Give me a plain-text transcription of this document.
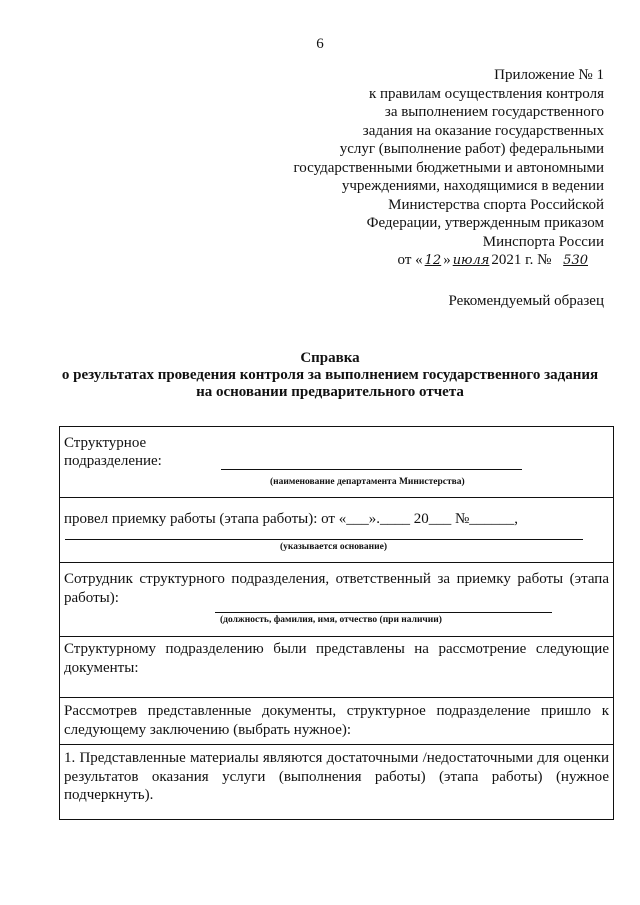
6
Приложение № 1
к правилам осуществления контроля
за выполнением государственного
задания на оказание государственных
услуг (выполнение работ) федеральными
государственными бюджетными и автономными
учреждениями, находящимися в ведении
Министерства спорта Российской
Федерации, утвержденным приказом
Минспорта России
от « 12 » июля 2021 г. № 530
Рекомендуемый образец
Справка
о результатах проведения контроля за выполнением государственного задания
на основании предварительного отчета
Структурное
подразделение:
(наименование департамента Министерства)
провел приемку работы (этапа работы): от «___».____ 20___ №______,
(указывается основание)
Сотрудник структурного подразделения, ответственный за приемку работы (этапа работы):
(должность, фамилия, имя, отчество (при наличии)
Структурному подразделению были представлены на рассмотрение следующие документы:
Рассмотрев представленные документы, структурное подразделение пришло к следующему заключению (выбрать нужное):
1. Представленные материалы являются достаточными /недостаточными для оценки результатов оказания услуги (выполнения работы) (этапа работы) (нужное подчеркнуть).
